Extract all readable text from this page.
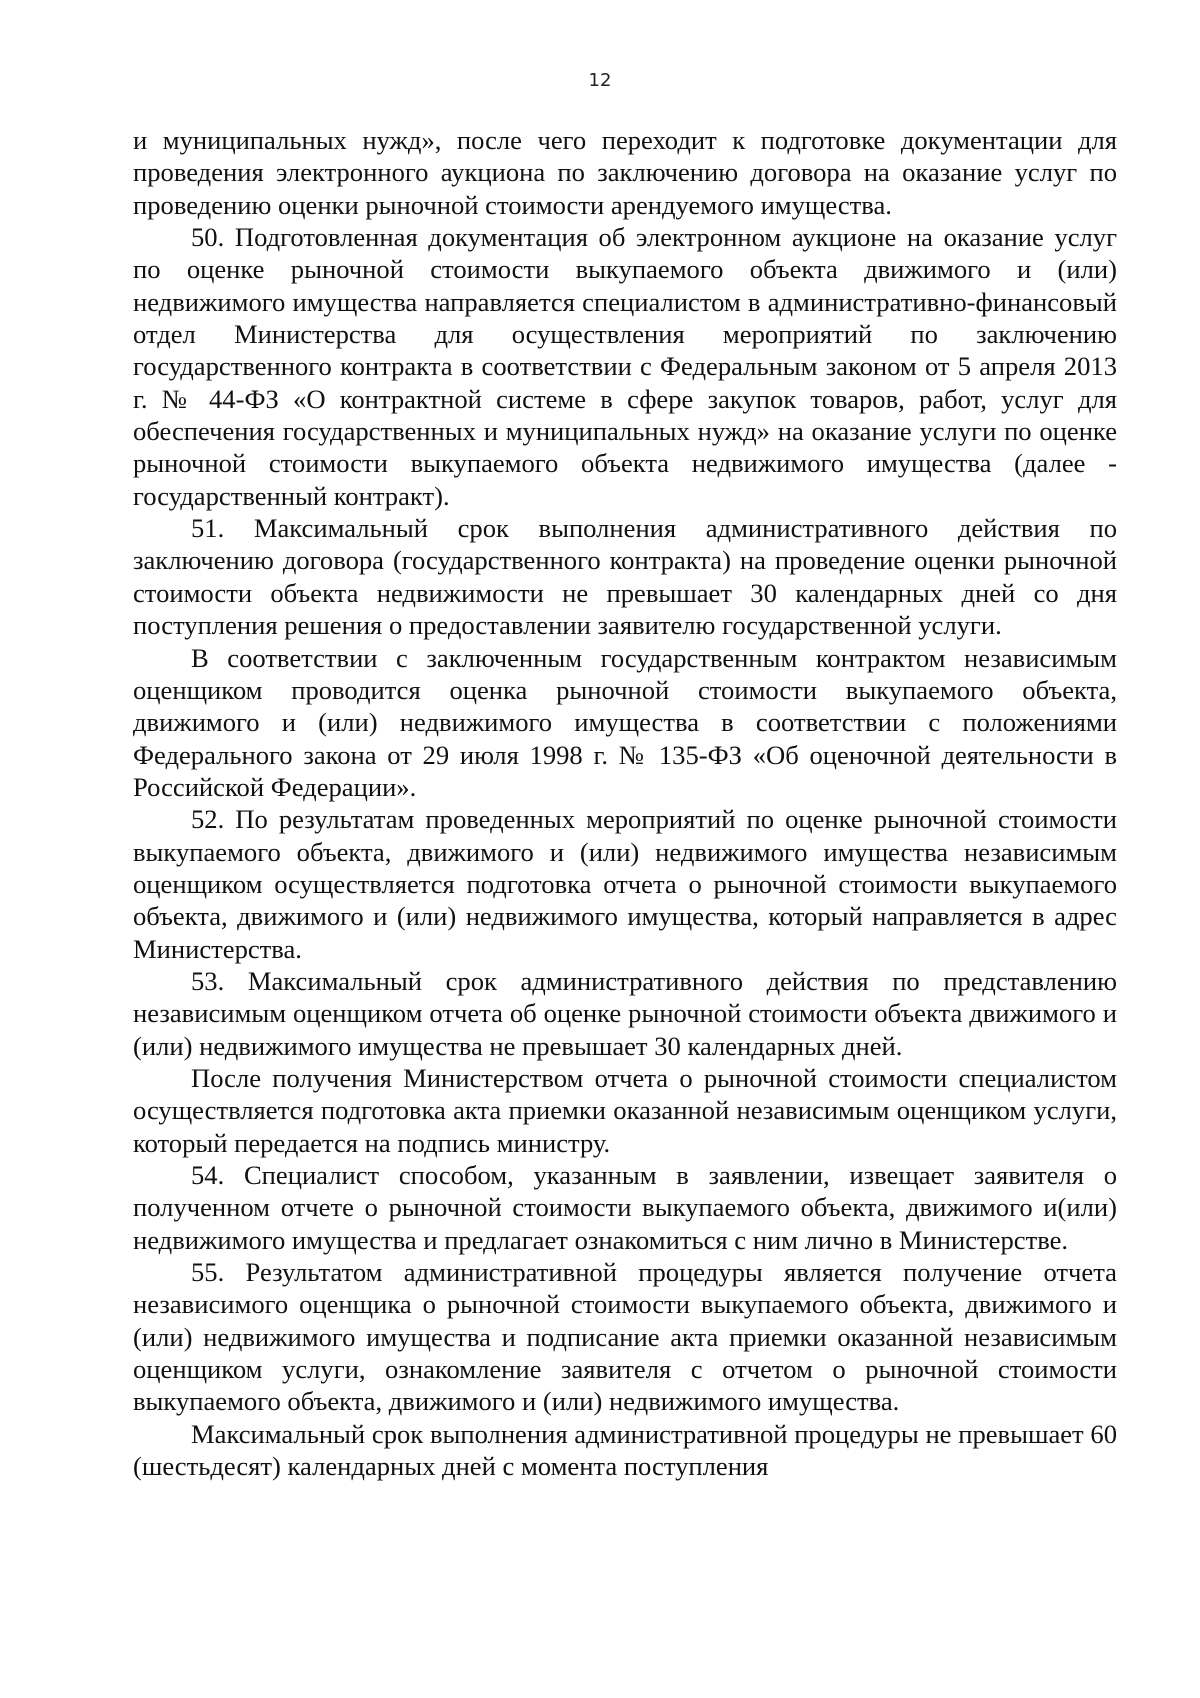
12

и муниципальных нужд», после чего переходит к подготовке документации для проведения электронного аукциона по заключению договора на оказание услуг по проведению оценки рыночной стоимости арендуемого имущества.

50. Подготовленная документация об электронном аукционе на оказание услуг по оценке рыночной стоимости выкупаемого объекта движимого и (или) недвижимого имущества направляется специалистом в административно-финансовый отдел Министерства для осуществления мероприятий по заключению государственного контракта в соответствии с Федеральным законом от 5 апреля 2013 г. № 44-ФЗ «О контрактной системе в сфере закупок товаров, работ, услуг для обеспечения государственных и муниципальных нужд» на оказание услуги по оценке рыночной стоимости выкупаемого объекта недвижимого имущества (далее - государственный контракт).

51. Максимальный срок выполнения административного действия по заключению договора (государственного контракта) на проведение оценки рыночной стоимости объекта недвижимости не превышает 30 календарных дней со дня поступления решения о предоставлении заявителю государственной услуги.

В соответствии с заключенным государственным контрактом независимым оценщиком проводится оценка рыночной стоимости выкупаемого объекта, движимого и (или) недвижимого имущества в соответствии с положениями Федерального закона от 29 июля 1998 г. № 135-ФЗ «Об оценочной деятельности в Российской Федерации».

52. По результатам проведенных мероприятий по оценке рыночной стоимости выкупаемого объекта, движимого и (или) недвижимого имущества независимым оценщиком осуществляется подготовка отчета о рыночной стоимости выкупаемого объекта, движимого и (или) недвижимого имущества, который направляется в адрес Министерства.

53. Максимальный срок административного действия по представлению независимым оценщиком отчета об оценке рыночной стоимости объекта движимого и (или) недвижимого имущества не превышает 30 календарных дней.

После получения Министерством отчета о рыночной стоимости специалистом осуществляется подготовка акта приемки оказанной независимым оценщиком услуги, который передается на подпись министру.

54. Специалист способом, указанным в заявлении, извещает заявителя о полученном отчете о рыночной стоимости выкупаемого объекта, движимого и(или) недвижимого имущества и предлагает ознакомиться с ним лично в Министерстве.

55. Результатом административной процедуры является получение отчета независимого оценщика о рыночной стоимости выкупаемого объекта, движимого и (или) недвижимого имущества и подписание акта приемки оказанной независимым оценщиком услуги, ознакомление заявителя с отчетом о рыночной стоимости выкупаемого объекта, движимого и (или) недвижимого имущества.

Максимальный срок выполнения административной процедуры не превышает 60 (шестьдесят) календарных дней с момента поступления
